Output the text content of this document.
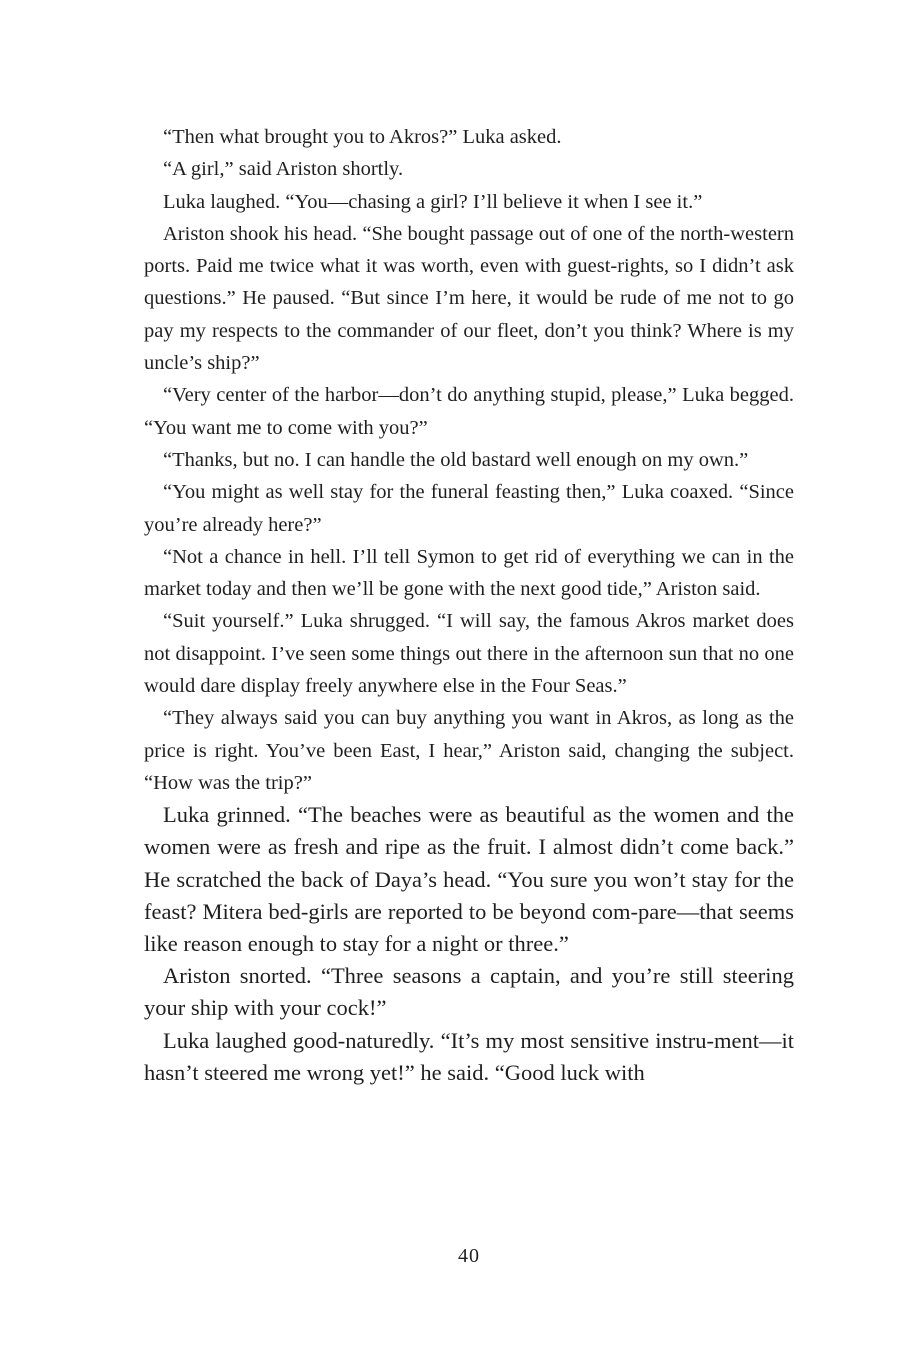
“Then what brought you to Akros?” Luka asked.

“A girl,” said Ariston shortly.

Luka laughed. “You—chasing a girl? I’ll believe it when I see it.”

Ariston shook his head. “She bought passage out of one of the north-western ports. Paid me twice what it was worth, even with guest-rights, so I didn’t ask questions.” He paused. “But since I’m here, it would be rude of me not to go pay my respects to the commander of our fleet, don’t you think? Where is my uncle’s ship?”

“Very center of the harbor—don’t do anything stupid, please,” Luka begged. “You want me to come with you?”

“Thanks, but no. I can handle the old bastard well enough on my own.”

“You might as well stay for the funeral feasting then,” Luka coaxed. “Since you’re already here?”

“Not a chance in hell. I’ll tell Symon to get rid of everything we can in the market today and then we’ll be gone with the next good tide,” Ariston said.

“Suit yourself.” Luka shrugged. “I will say, the famous Akros market does not disappoint. I’ve seen some things out there in the afternoon sun that no one would dare display freely anywhere else in the Four Seas.”

“They always said you can buy anything you want in Akros, as long as the price is right. You’ve been East, I hear,” Ariston said, changing the subject. “How was the trip?”

Luka grinned. “The beaches were as beautiful as the women and the women were as fresh and ripe as the fruit. I almost didn’t come back.” He scratched the back of Daya’s head. “You sure you won’t stay for the feast? Mitera bed-girls are reported to be beyond com-pare—that seems like reason enough to stay for a night or three.”

Ariston snorted. “Three seasons a captain, and you’re still steering your ship with your cock!”

Luka laughed good-naturedly. “It’s my most sensitive instru-ment—it hasn’t steered me wrong yet!” he said. “Good luck with

40
